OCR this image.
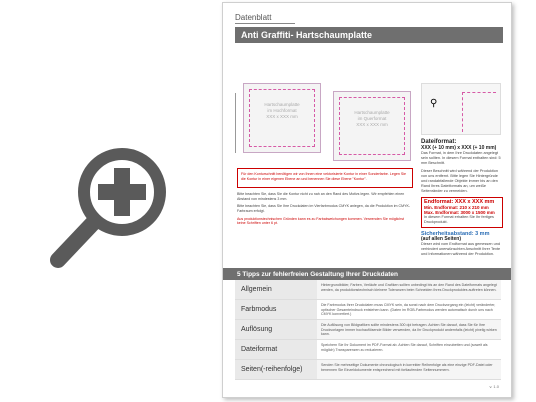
Datenblatt
Anti Graffiti- Hartschaumplatte
Hartschaumplatte
im Hochformat
XXX x XXX mm
Hartschaumplatte
im Querformat
XXX x XXX mm
⚲
Dateiformat:
XXX (+ 10 mm) x XXX (+ 10 mm)
Das Format, in dem Ihre Druckdaten angelegt sein sollten. In diesem Format enthalten sind: 5 mm Beschnitt.
Dieser Beschnitt wird während der Produktion von uns entfernt. Bitte legen Sie Hintergründe und randabfallende Objekte immer bis an den Rand Ihres Dateiformats an, um weiße Seitenränder zu vermeiden.
Endformat: XXX x XXX mm
Min. Endformat: 210 x 210 mm
Max. Endformat: 3000 x 1500 mm
In diesem Format erhalten Sie Ihr fertiges Druckprodukt.
Sicherheitsabstand: 3 mm
(auf allen Seiten)
Dieser wird vom Endformat aus gemessen und verhindert unerwünschten Anschnitt Ihrer Texte und Informationen während der Produktion.

Für den Konturschnitt benötigen wir von Ihnen eine vektorisierte Kontur in einer Sonderfarbe. Legen Sie die Kontur in einer eigenen Ebene an und benennen Sie diese Ebene "Kontur".

Bitte beachten Sie, dass Sie die Kontur nicht zu nah an den Rand des Motivs legen. Wir empfehlen einen Abstand von mindestens 3 mm.

Bitte beachten Sie, dass Sie Ihre Druckdaten im Vierfarbmodus CMYK anlegen, da die Produktion im CMYK-Farbraum erfolgt.

Aus produktionstechnischen Gründen kann es zu Farbabweichungen kommen. Verwenden Sie möglichst keine Schriften unter 6 pt.

5 Tipps zur fehlerfreien Gestaltung Ihrer Druckdaten
Allgemein
Hintergrundbilder, Farben, Verläufe und Grafiken sollten unbedingt bis an den Rand des Dateiformats angelegt werden, da produktionstechnisch kleinere Toleranzen beim Schneiden Ihres Druckproduktes auftreten können.
Farbmodus
Die Farbmodus Ihrer Druckdaten muss CMYK sein, da sonst nach dem Druckvorgang ein (leicht) veränderter, optischer Gesamteindruck entstehen kann. (Daten im RGB-Farbmodus werden automatisch durch uns nach CMYK konvertiert.)
Auflösung
Die Auflösung von Bildgrafiken sollte mindestens 300 dpi betragen. Achten Sie darauf, dass Sie für Ihre Druckvorlagen immer hochauflösende Bilder verwenden, da Ihr Druckprodukt andernfalls (leicht) pixelig wirken kann.
Dateiformat
Speichern Sie Ihr Dokument im PDF-Format ab. Achten Sie darauf, Schriften einzubetten und (soweit als möglich) Transparenzen zu reduzieren.
Seiten(-reihenfolge)
Senden Sie mehrseitige Dokumente chronologisch in korrekter Reihenfolge als eine einzige PDF-Datei oder benennen Sie Einzeldokumente entsprechend mit fortlaufenden Seitennummern.
v. 1.0
